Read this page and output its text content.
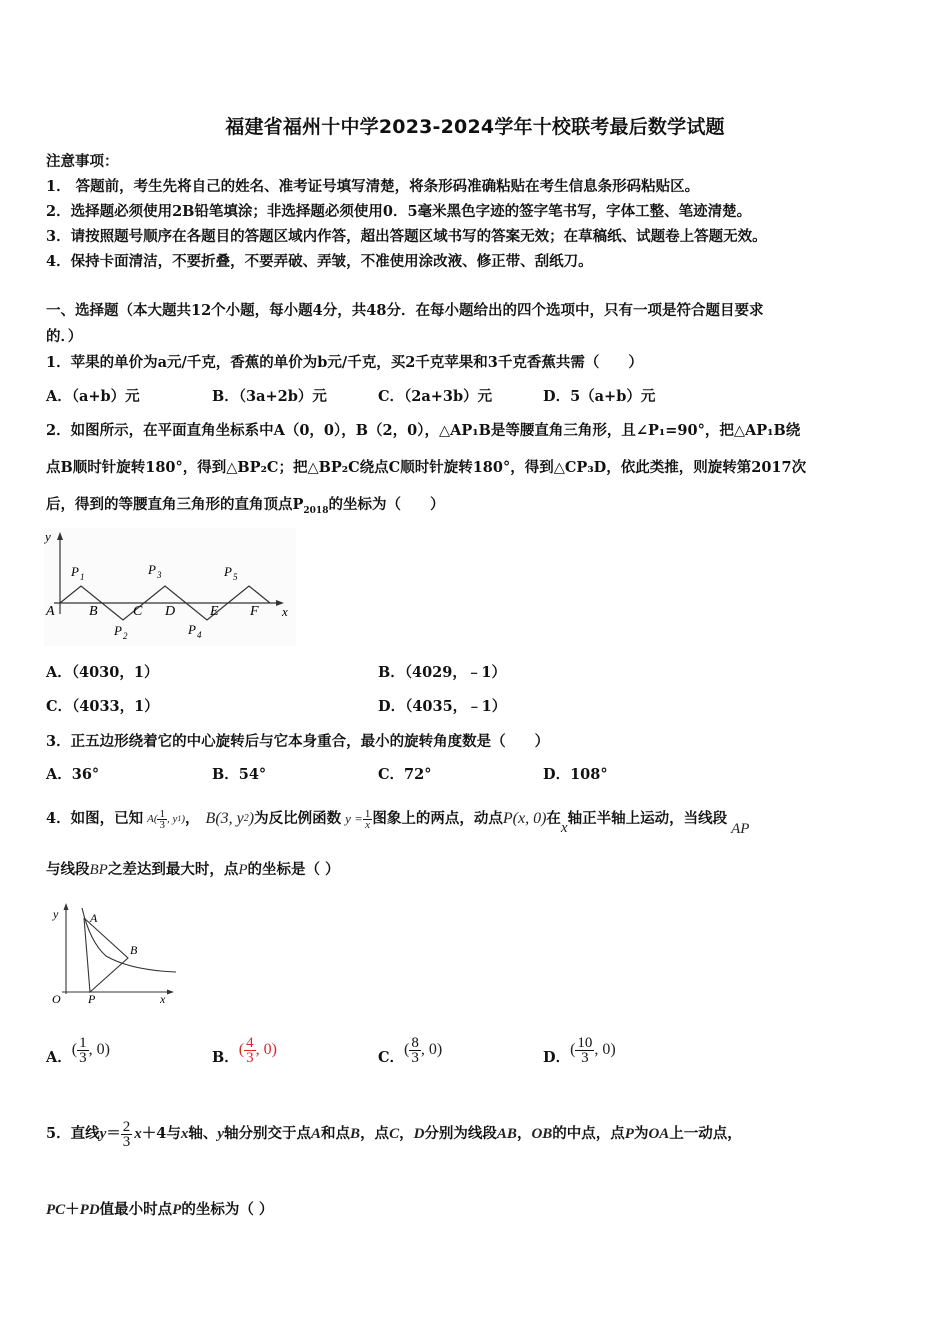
福建省福州十中学2023-2024学年十校联考最后数学试题
注意事项：
1． 答题前，考生先将自己的姓名、准考证号填写清楚，将条形码准确粘贴在考生信息条形码粘贴区。
2．选择题必须使用2B铅笔填涂；非选择题必须使用0．5毫米黑色字迹的签字笔书写，字体工整、笔迹清楚。
3．请按照题号顺序在各题目的答题区域内作答，超出答题区域书写的答案无效；在草稿纸、试题卷上答题无效。
4．保持卡面清洁，不要折叠，不要弄破、弄皱，不准使用涂改液、修正带、刮纸刀。
一、选择题（本大题共12个小题，每小题4分，共48分．在每小题给出的四个选项中，只有一项是符合题目要求
的．）
1．苹果的单价为a元/千克，香蕉的单价为b元/千克，买2千克苹果和3千克香蕉共需（　　）
A．（a+b）元	B．（3a+2b）元	C．（2a+3b）元	D．5（a+b）元
2．如图所示，在平面直角坐标系中A（0，0），B（2，0），△AP₁B是等腰直角三角形，且∠P₁=90°，把△AP₁B绕
点B顺时针旋转180°，得到△BP₂C；把△BP₂C绕点C顺时针旋转180°，得到△CP₃D，依此类推，则旋转第2017次
后，得到的等腰直角三角形的直角顶点$P_{2018}$的坐标为（　　）
y
x
A B	C D E F
P 1
P 2
P 3
P 4
P 5
A．（4030，1）	B．（4029，﹣1）
C．（4033，1）	D．（4035，﹣1）
3．正五边形绕着它的中心旋转后与它本身重合，最小的旋转角度数是（　　）
A．36°	B．54°	C．72°	D．108°
4．如图，已知 $A( \frac{1}{3}$ , y 1 ) ， B(3, y 2 ) 为反比例函数 $y = \frac{1}{x}$ 图象上的两点，动点 P(x, 0) 在
x
轴正半轴上运动，当线段
AP
与线段BP之差达到最大时，点P的坐标是（ ）
y
x
O
A
B
P
A． ( $\frac{1}{3}$ , 0)	B． ( $\frac{4}{3}$ , 0)	C． ( $\frac{8}{3}$ , 0)	D． ( $\frac{10}{3}$ , 0)
5．直线 $y = \frac{2}{3}$ x ＋4与 x 轴、 y 轴分别交于点 A 和点 B ，点 C ， D 分别为线段 AB ， OB 的中点，点 P 为 OA 上一动点，
PC＋PD值最小时点P的坐标为（ ）
